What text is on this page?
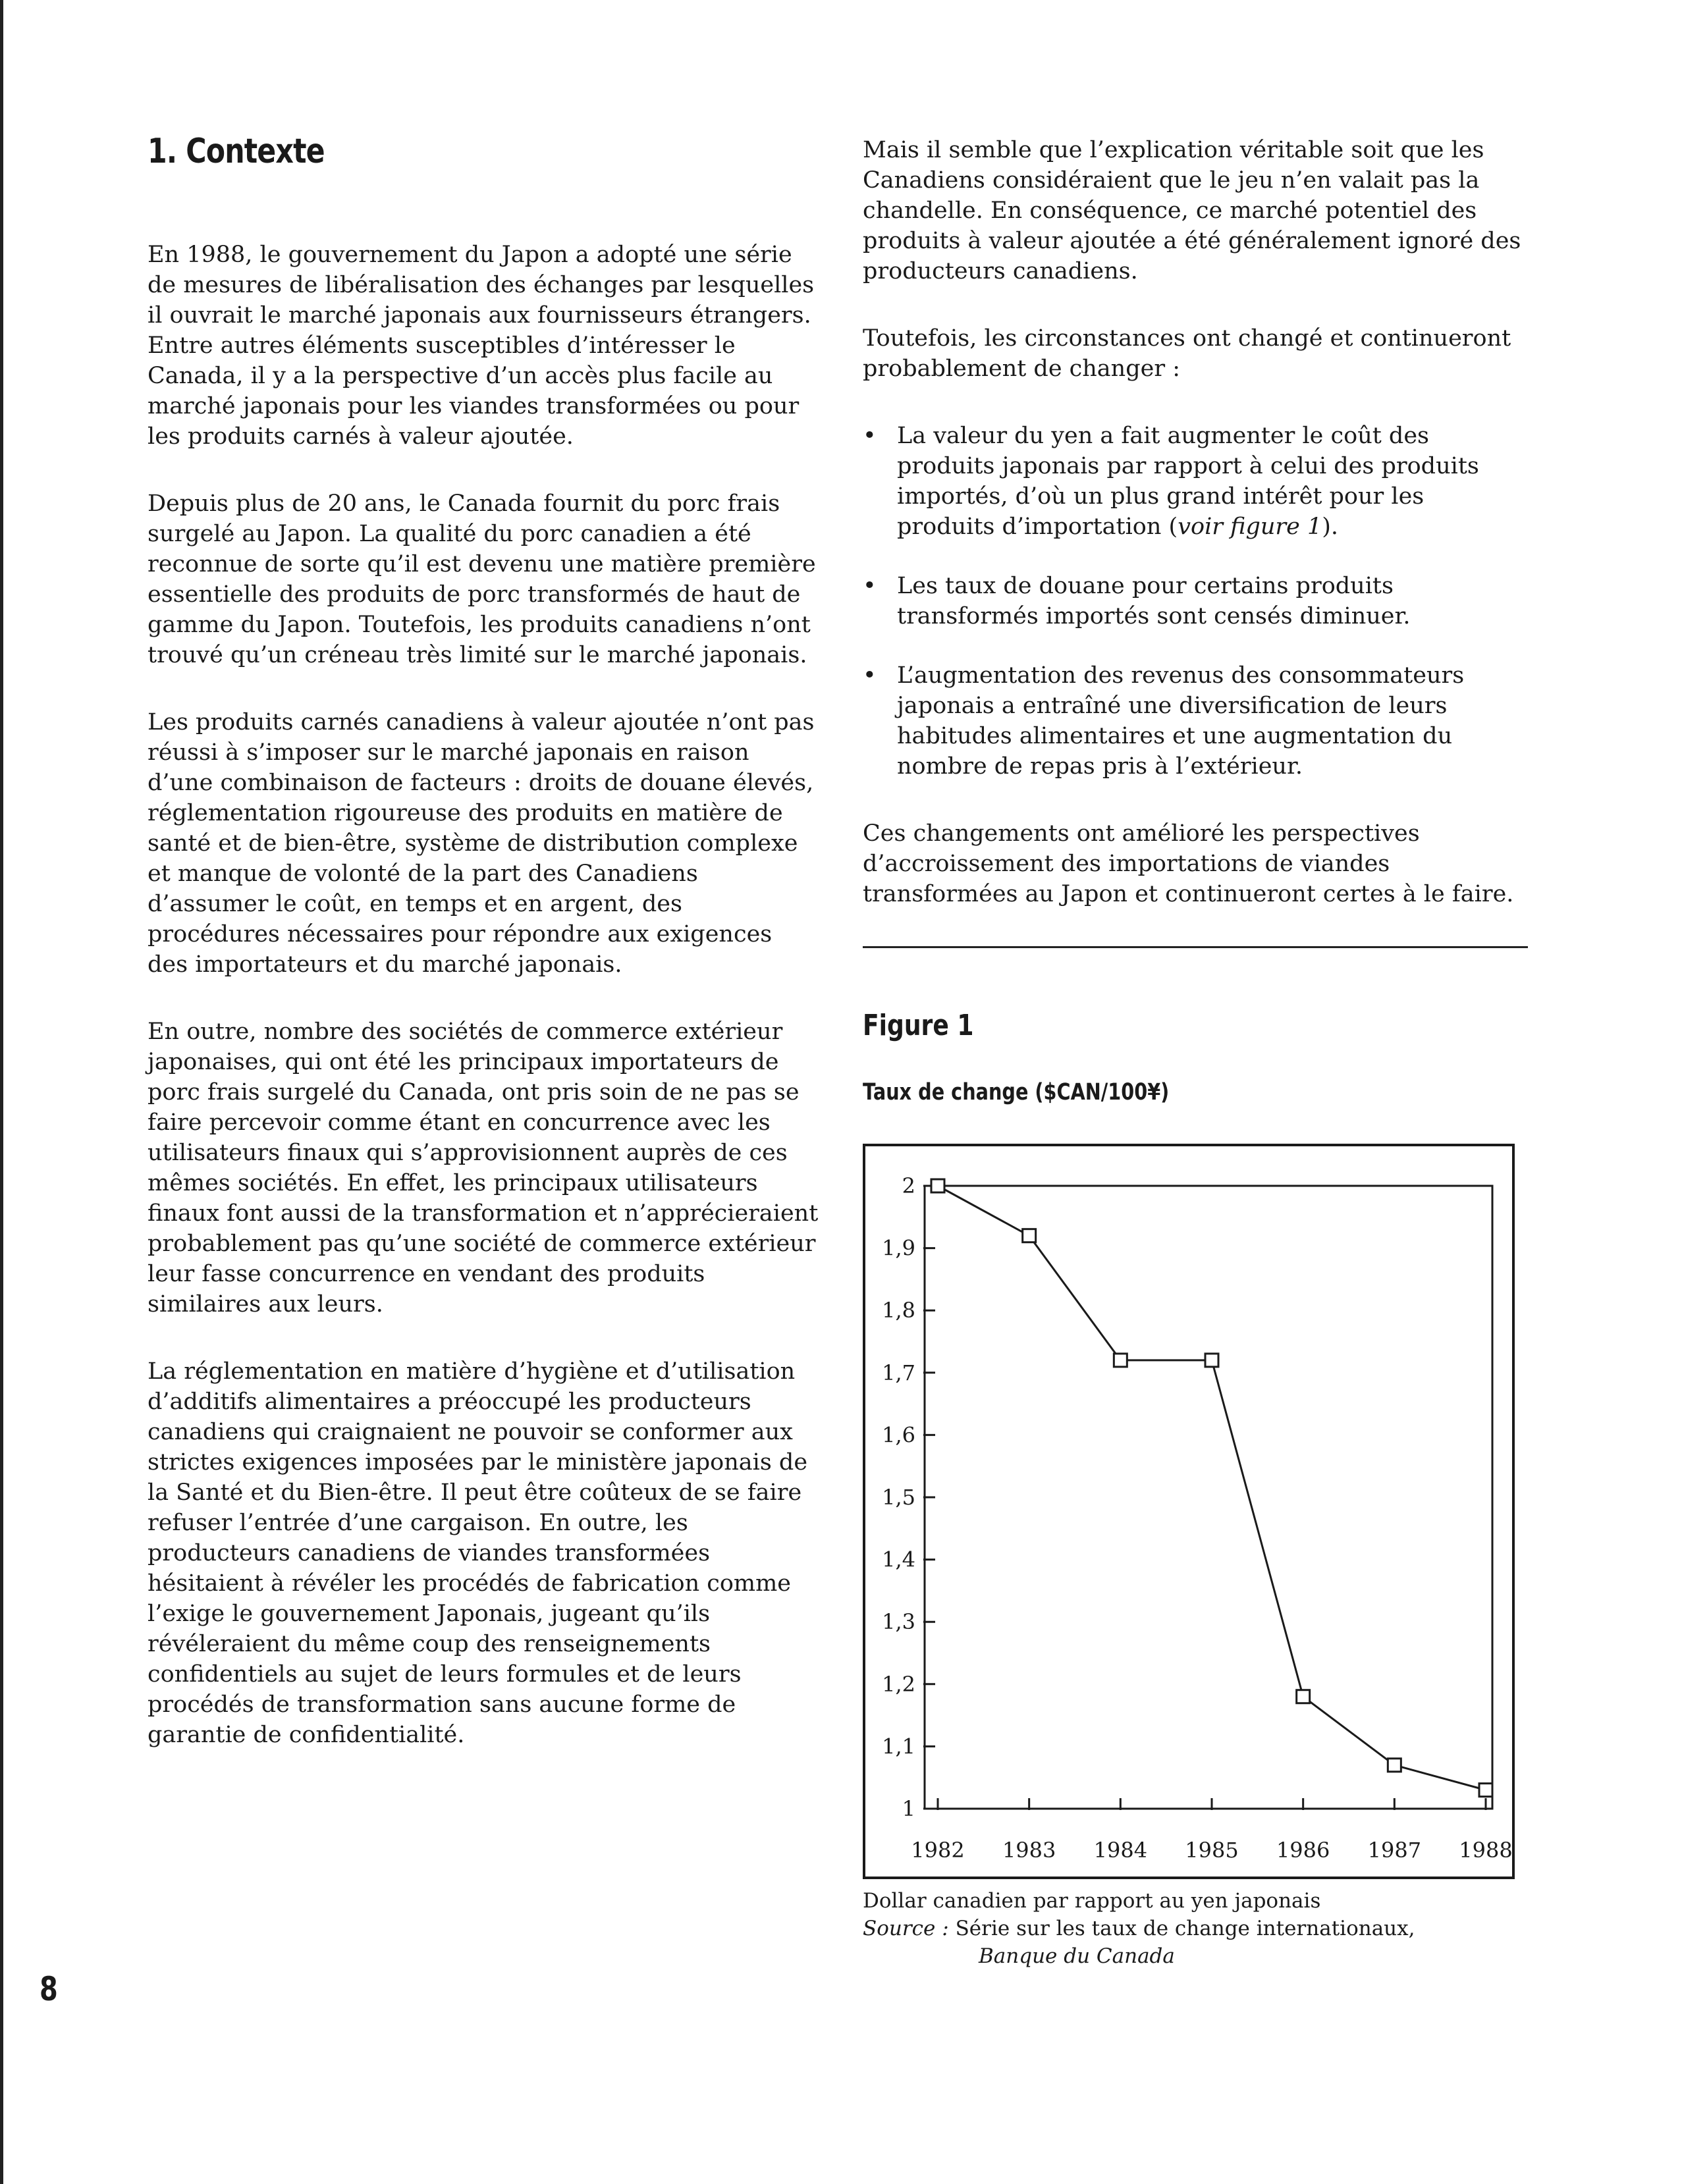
1. Contexte

En 1988, le gouvernement du Japon a adopté une série de mesures de libéralisation des échanges par lesquelles il ouvrait le marché japonais aux fournisseurs étrangers. Entre autres éléments susceptibles d’intéresser le Canada, il y a la perspective d’un accès plus facile au marché japonais pour les viandes transformées ou pour les produits carnés à valeur ajoutée.

Depuis plus de 20 ans, le Canada fournit du porc frais surgelé au Japon. La qualité du porc canadien a été reconnue de sorte qu’il est devenu une matière première essentielle des produits de porc transformés de haut de gamme du Japon. Toutefois, les produits canadiens n’ont trouvé qu’un créneau très limité sur le marché japonais.

Les produits carnés canadiens à valeur ajoutée n’ont pas réussi à s’imposer sur le marché japonais en raison d’une combinaison de facteurs : droits de douane élevés, réglementation rigoureuse des produits en matière de santé et de bien-être, système de distribution complexe et manque de volonté de la part des Canadiens d’assumer le coût, en temps et en argent, des procédures nécessaires pour répondre aux exigences des importateurs et du marché japonais.

En outre, nombre des sociétés de commerce extérieur japonaises, qui ont été les principaux importateurs de porc frais surgelé du Canada, ont pris soin de ne pas se faire percevoir comme étant en concurrence avec les utilisateurs finaux qui s’approvisionnent auprès de ces mêmes sociétés. En effet, les principaux utilisateurs finaux font aussi de la transformation et n’apprécieraient probablement pas qu’une société de commerce extérieur leur fasse concurrence en vendant des produits similaires aux leurs.

La réglementation en matière d’hygiène et d’utilisation d’additifs alimentaires a préoccupé les producteurs canadiens qui craignaient ne pouvoir se conformer aux strictes exigences imposées par le ministère japonais de la Santé et du Bien-être. Il peut être coûteux de se faire refuser l’entrée d’une cargaison. En outre, les producteurs canadiens de viandes transformées hésitaient à révéler les procédés de fabrication comme l’exige le gouvernement Japonais, jugeant qu’ils révéleraient du même coup des renseignements confidentiels au sujet de leurs formules et de leurs procédés de transformation sans aucune forme de garantie de confidentialité.

Mais il semble que l’explication véritable soit que les Canadiens considéraient que le jeu n’en valait pas la chandelle. En conséquence, ce marché potentiel des produits à valeur ajoutée a été généralement ignoré des producteurs canadiens.

Toutefois, les circonstances ont changé et continueront probablement de changer :

• La valeur du yen a fait augmenter le coût des produits japonais par rapport à celui des produits importés, d’où un plus grand intérêt pour les produits d’importation (voir figure 1).
• Les taux de douane pour certains produits transformés importés sont censés diminuer.
• L’augmentation des revenus des consommateurs japonais a entraîné une diversification de leurs habitudes alimentaires et une augmentation du nombre de repas pris à l’extérieur.

Ces changements ont amélioré les perspectives d’accroissement des importations de viandes transformées au Japon et continueront certes à le faire.

Figure 1
Taux de change ($CAN/100¥)
2
1,9
1,8
1,7
1,6
1,5
1,4
1,3
1,2
1,1
1
1982 1983 1984 1985 1986 1987 1988
Dollar canadien par rapport au yen japonais
Source : Série sur les taux de change internationaux,
Banque du Canada
8
